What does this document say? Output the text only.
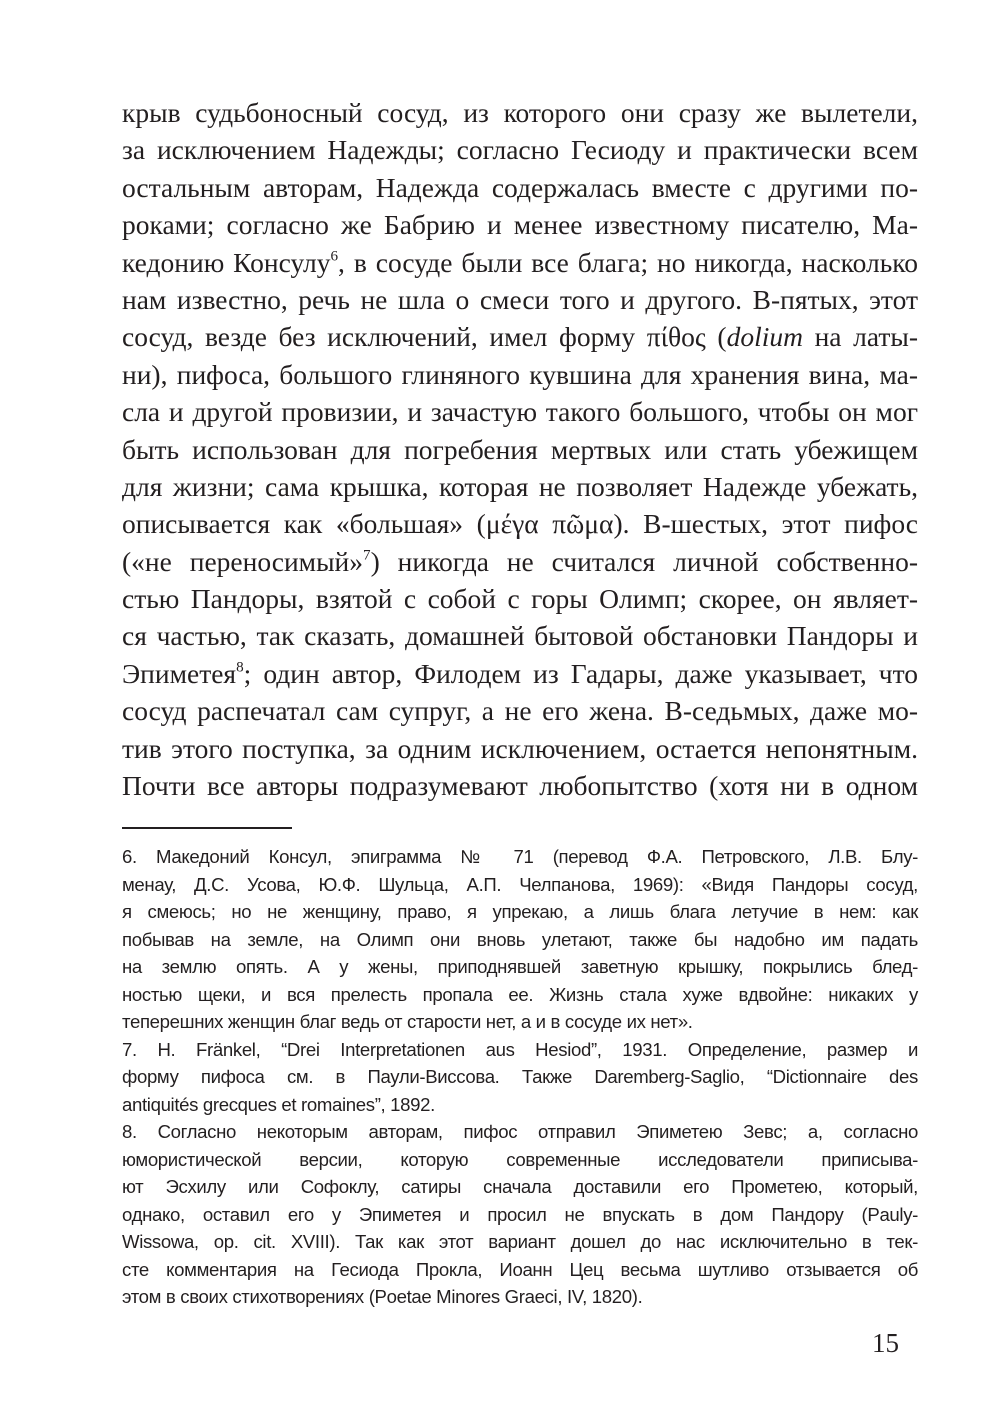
крыв судьбоносный сосуд, из которого они сразу же вылетели,
за исключением Надежды; согласно Гесиоду и практически всем
остальным авторам, Надежда содержалась вместе с другими по-
роками; согласно же Бабрию и менее известному писателю, Ма-
кедонию Консулу$^6$, в сосуде были все блага; но никогда, насколько
нам известно, речь не шла о смеси того и другого. В-пятых, этот
сосуд, везде без исключений, имел форму πίθος (dolium на латы-
ни), пифоса, большого глиняного кувшина для хранения вина, ма-
сла и другой провизии, и зачастую такого большого, чтобы он мог
быть использован для погребения мертвых или стать убежищем
для жизни; сама крышка, которая не позволяет Надежде убежать,
описывается как «большая» (μέγα πῶμα). В-шестых, этот пифос
(«не переносимый»$^7$) никогда не считался личной собственно-
стью Пандоры, взятой с собой с горы Олимп; скорее, он являет-
ся частью, так сказать, домашней бытовой обстановки Пандоры и
Эпиметея$^8$; один автор, Филодем из Гадары, даже указывает, что
сосуд распечатал сам супруг, а не его жена. В-седьмых, даже мо-
тив этого поступка, за одним исключением, остается непонятным.
Почти все авторы подразумевают любопытство (хотя ни в одном
6. Македоний Консул, эпиграмма № 71 (перевод Ф.А. Петровского, Л.В. Блу-
менау, Д.С. Усова, Ю.Ф. Шульца, А.П. Челпанова, 1969): «Видя Пандоры сосуд,
я смеюсь; но не женщину, право, я упрекаю, а лишь блага летучие в нем: как
побывав на земле, на Олимп они вновь улетают, также бы надобно им падать
на землю опять. А у жены, приподнявшей заветную крышку, покрылись блед-
ностью щеки, и вся прелесть пропала ее. Жизнь стала хуже вдвойне: никаких у
теперешних женщин благ ведь от старости нет, а и в сосуде их нет».
7. H. Fränkel, “Drei Interpretationen aus Hesiod”, 1931. Определение, размер и
форму пифоса см. в Паули-Виссова. Также Daremberg-Saglio, “Dictionnaire des
antiquités grecques et romaines”, 1892.
8. Согласно некоторым авторам, пифос отправил Эпиметею Зевс; а, согласно
юмористической версии, которую современные исследователи приписыва-
ют Эсхилу или Софоклу, сатиры сначала доставили его Прометею, который,
однако, оставил его у Эпиметея и просил не впускать в дом Пандору (Pauly-
Wissowa, op. cit. XVIII). Так как этот вариант дошел до нас исключительно в тек-
сте комментария на Гесиода Прокла, Иоанн Цец весьма шутливо отзывается об
этом в своих стихотворениях (Poetae Minores Graeci, IV, 1820).
15
